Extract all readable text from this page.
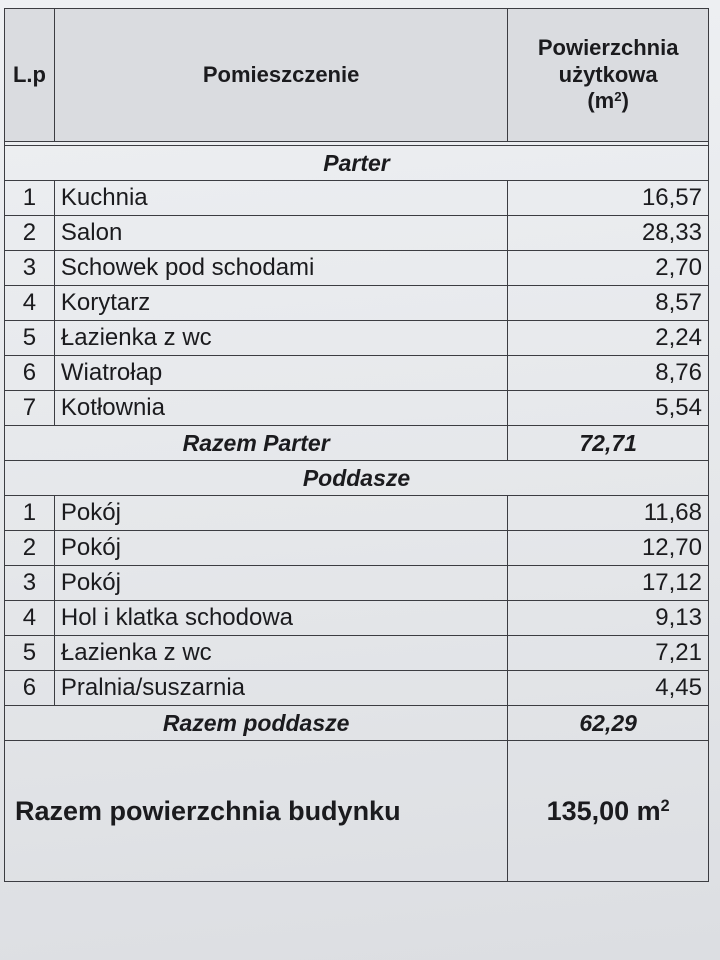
L.p	Pomieszczenie	Powierzchnia
użytkowa
$(m^2)$

Parter		
1	Kuchnia	16,57
2	Salon	28,33
3	Schowek pod schodami	2,70
4	Korytarz	8,57
5	Łazienka z wc	2,24
6	Wiatrołap	8,76
7	Kotłownia	5,54
Razem Parter		72,71
Poddasze		
1	Pokój	11,68
2	Pokój	12,70
3	Pokój	17,12
4	Hol i klatka schodowa	9,13
5	Łazienka z wc	7,21
6	Pralnia/suszarnia	4,45
Razem poddasze		62,29
Razem powierzchnia budynku		135,00 $m^2$
